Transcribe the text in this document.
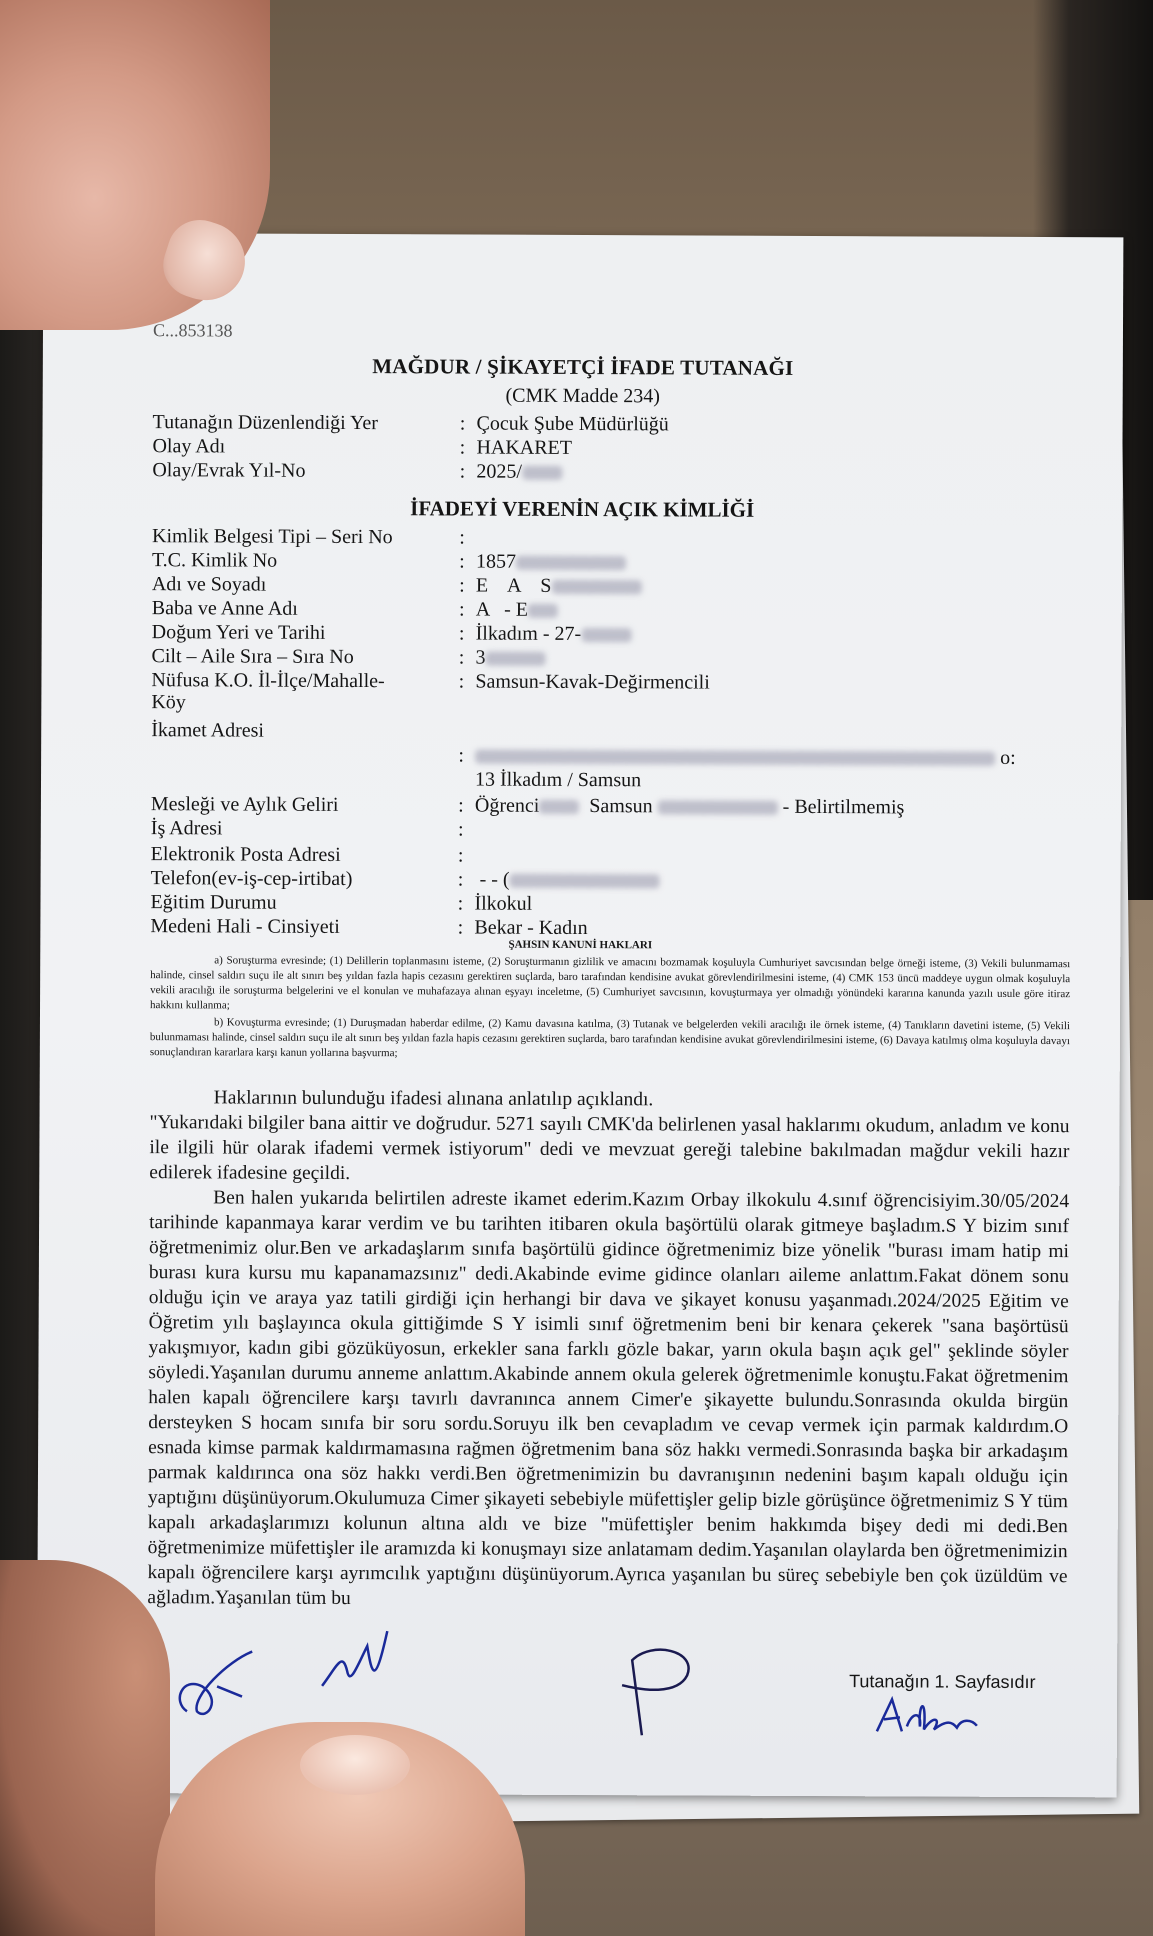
C...853138
MAĞDUR / ŞİKAYETÇİ İFADE TUTANAĞI
(CMK Madde 234)
Tutanağın Düzenlendiği Yer	: Çocuk Şube Müdürlüğü
Olay Adı	: HAKARET
Olay/Evrak Yıl-No	: 2025/
İFADEYİ VERENİN AÇIK KİMLİĞİ
Kimlik Belgesi Tipi – Seri No	:
T.C. Kimlik No	: 1857
Adı ve Soyadı	: E    A    S
Baba ve Anne Adı	: A   - E
Doğum Yeri ve Tarihi	: İlkadım - 27-
Cilt – Aile Sıra – Sıra No	: 3
Nüfusa K.O. İl-İlçe/Mahalle-Köy
: Samsun-Kavak-Değirmencili
İkamet Adresi
:	o:
13 İlkadım / Samsun
Mesleği ve Aylık Geliri	: Öğrenci Samsun	- Belirtilmemiş
İş Adresi	:
Elektronik Posta Adresi	:
Telefon(ev-iş-cep-irtibat)	: - - (
Eğitim Durumu	: İlkokul
Medeni Hali - Cinsiyeti	: Bekar - Kadın
ŞAHSIN KANUNİ HAKLARI
a) Soruşturma evresinde; (1) Delillerin toplanmasını isteme, (2) Soruşturmanın gizlilik ve amacını bozmamak koşuluyla Cumhuriyet savcısından belge örneği isteme, (3) Vekili bulunmaması halinde, cinsel saldırı suçu ile alt sınırı beş yıldan fazla hapis cezasını gerektiren suçlarda, baro tarafından kendisine avukat görevlendirilmesini isteme, (4) CMK 153 üncü maddeye uygun olmak koşuluyla vekili aracılığı ile soruşturma belgelerini ve el konulan ve muhafazaya alınan eşyayı inceletme, (5) Cumhuriyet savcısının, kovuşturmaya yer olmadığı yönündeki kararına kanunda yazılı usule göre itiraz hakkını kullanma;
b) Kovuşturma evresinde; (1) Duruşmadan haberdar edilme, (2) Kamu davasına katılma, (3) Tutanak ve belgelerden vekili aracılığı ile örnek isteme, (4) Tanıkların davetini isteme, (5) Vekili bulunmaması halinde, cinsel saldırı suçu ile alt sınırı beş yıldan fazla hapis cezasını gerektiren suçlarda, baro tarafından kendisine avukat görevlendirilmesini isteme, (6) Davaya katılmış olma koşuluyla davayı sonuçlandıran kararlara karşı kanun yollarına başvurma;

Haklarının bulunduğu ifadesi alınana anlatılıp açıklandı.

"Yukarıdaki bilgiler bana aittir ve doğrudur. 5271 sayılı CMK'da belirlenen yasal haklarımı okudum, anladım ve konu ile ilgili hür olarak ifademi vermek istiyorum" dedi ve mevzuat gereği talebine bakılmadan mağdur vekili hazır edilerek ifadesine geçildi.

Ben halen yukarıda belirtilen adreste ikamet ederim.Kazım Orbay ilkokulu 4.sınıf öğrencisiyim.30/05/2024 tarihinde kapanmaya karar verdim ve bu tarihten itibaren okula başörtülü olarak gitmeye başladım.S Y bizim sınıf öğretmenimiz olur.Ben ve arkadaşlarım sınıfa başörtülü gidince öğretmenimiz bize yönelik "burası imam hatip mi burası kura kursu mu kapanamazsınız" dedi.Akabinde evime gidince olanları aileme anlattım.Fakat dönem sonu olduğu için ve araya yaz tatili girdiği için herhangi bir dava ve şikayet konusu yaşanmadı.2024/2025 Eğitim ve Öğretim yılı başlayınca okula gittiğimde S Y isimli sınıf öğretmenim beni bir kenara çekerek "sana başörtüsü yakışmıyor, kadın gibi gözüküyosun, erkekler sana farklı gözle bakar, yarın okula başın açık gel" şeklinde söyler söyledi.Yaşanılan durumu anneme anlattım.Akabinde annem okula gelerek öğretmenimle konuştu.Fakat öğretmenim halen kapalı öğrencilere karşı tavırlı davranınca annem Cimer'e şikayette bulundu.Sonrasında okulda birgün dersteyken S hocam sınıfa bir soru sordu.Soruyu ilk ben cevapladım ve cevap vermek için parmak kaldırdım.O esnada kimse parmak kaldırmamasına rağmen öğretmenim bana söz hakkı vermedi.Sonrasında başka bir arkadaşım parmak kaldırınca ona söz hakkı verdi.Ben öğretmenimizin bu davranışının nedenini başım kapalı olduğu için yaptığını düşünüyorum.Okulumuza Cimer şikayeti sebebiyle müfettişler gelip bizle görüşünce öğretmenimiz S Y tüm kapalı arkadaşlarımızı kolunun altına aldı ve bize "müfettişler benim hakkımda bişey dedi mi dedi.Ben öğretmenimize müfettişler ile aramızda ki konuşmayı size anlatamam dedim.Yaşanılan olaylarda ben öğretmenimizin kapalı öğrencilere karşı ayrımcılık yaptığını düşünüyorum.Ayrıca yaşanılan bu süreç sebebiyle ben çok üzüldüm ve ağladım.Yaşanılan tüm bu

Tutanağın 1. Sayfasıdır
